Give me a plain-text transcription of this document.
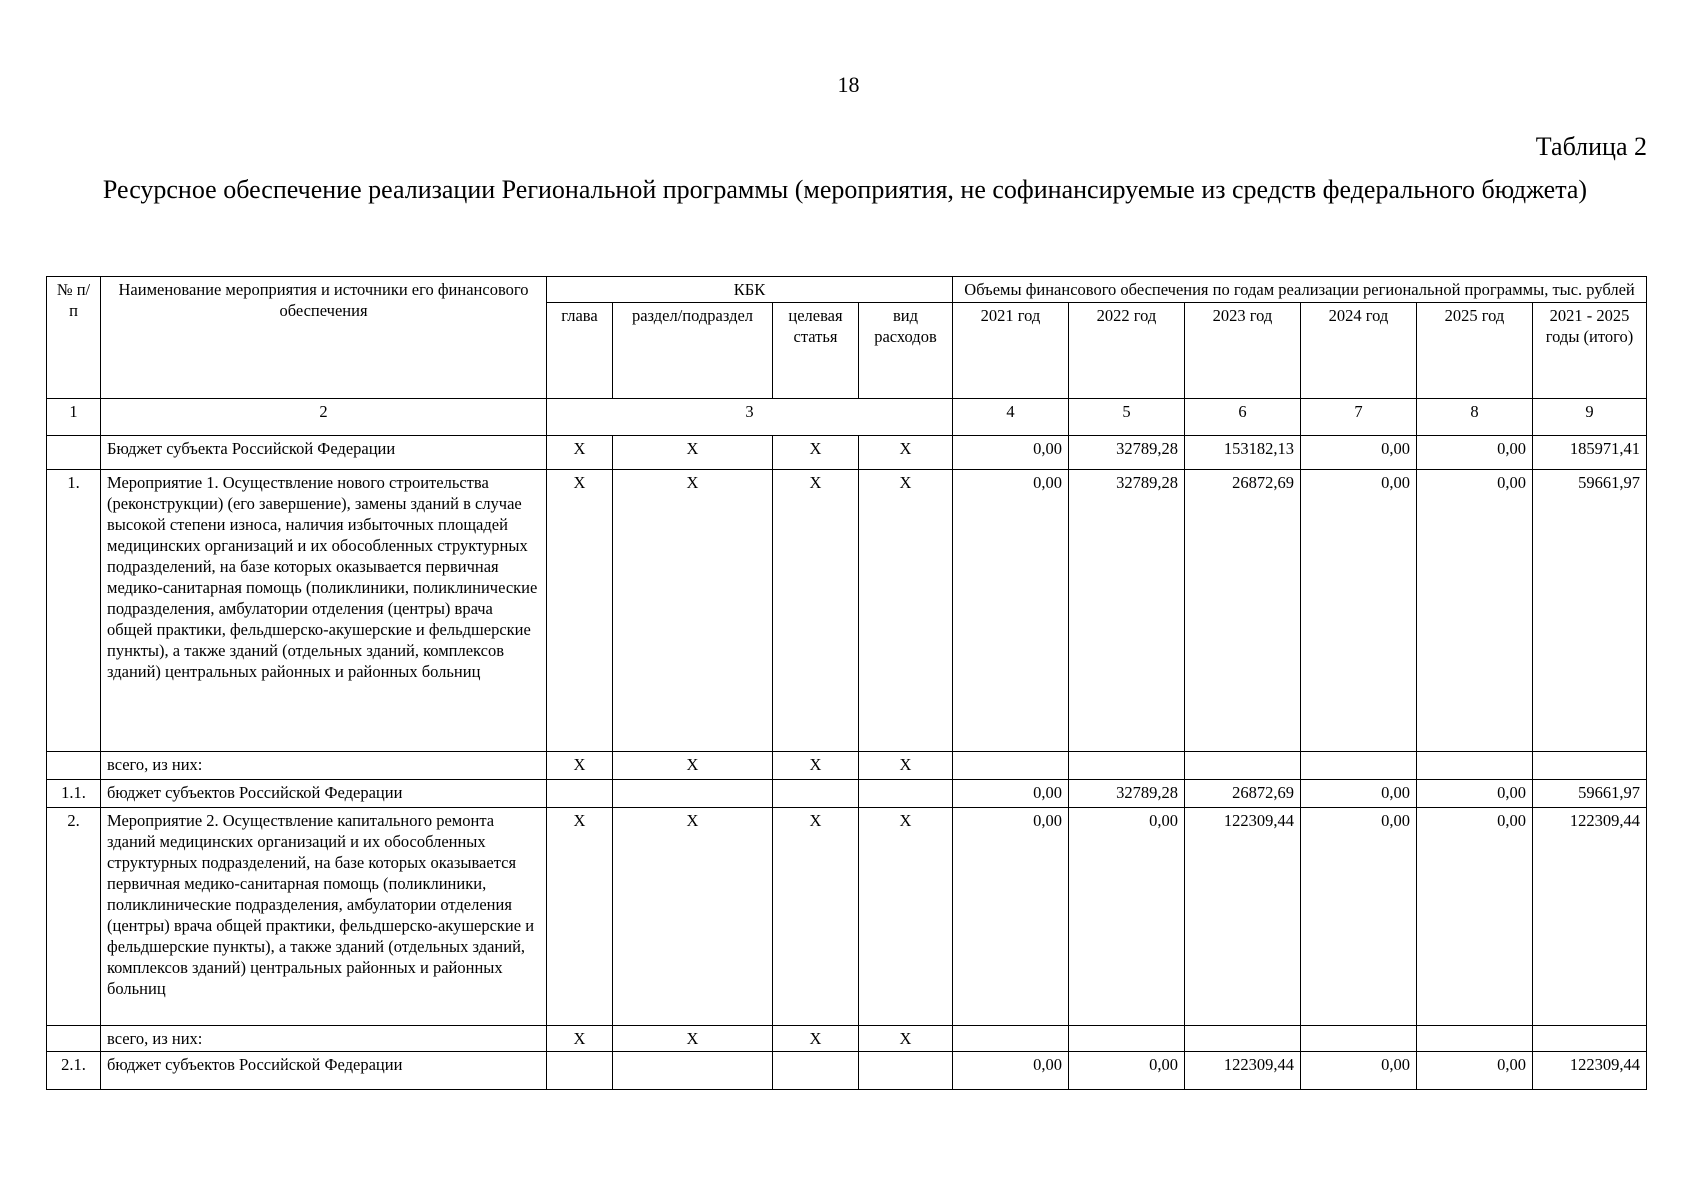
18
Таблица 2
Ресурсное обеспечение реализации Региональной программы (мероприятия, не софинансируемые из средств федерального бюджета)
№ п/п	Наименование мероприятия и источники его финансового обеспечения	КБК				Объемы финансового обеспечения по годам реализации региональной программы, тыс. рублей					
		глава	раздел/подраздел	целевая статья	вид расходов	2021 год	2022 год	2023 год	2024 год	2025 год	2021 - 2025 годы (итого)
1	2	3				4	5	6	7	8	9
	Бюджет субъекта Российской Федерации	Х	Х	Х	Х	0,00	32789,28	153182,13	0,00	0,00	185971,41
1.	Мероприятие 1. Осуществление нового строительства (реконструкции) (его завершение), замены зданий в случае высокой степени износа, наличия избыточных площадей медицинских организаций и их обособленных структурных подразделений, на базе которых оказывается первичная медико-санитарная помощь (поликлиники, поликлинические подразделения, амбулатории отделения (центры) врача общей практики, фельдшерско-акушерские и фельдшерские пункты), а также зданий (отдельных зданий, комплексов зданий) центральных районных и районных больниц	Х	Х	Х	Х	0,00	32789,28	26872,69	0,00	0,00	59661,97
	всего, из них:	Х	Х	Х	Х						
1.1.	бюджет субъектов Российской Федерации					0,00	32789,28	26872,69	0,00	0,00	59661,97
2.	Мероприятие 2. Осуществление капитального ремонта зданий медицинских организаций и их обособленных структурных подразделений, на базе которых оказывается первичная медико-санитарная помощь (поликлиники, поликлинические подразделения, амбулатории отделения (центры) врача общей практики, фельдшерско-акушерские и фельдшерские пункты), а также зданий (отдельных зданий, комплексов зданий) центральных районных и районных больниц	Х	Х	Х	Х	0,00	0,00	122309,44	0,00	0,00	122309,44
	всего, из них:	Х	Х	Х	Х						
2.1.	бюджет субъектов Российской Федерации					0,00	0,00	122309,44	0,00	0,00	122309,44
